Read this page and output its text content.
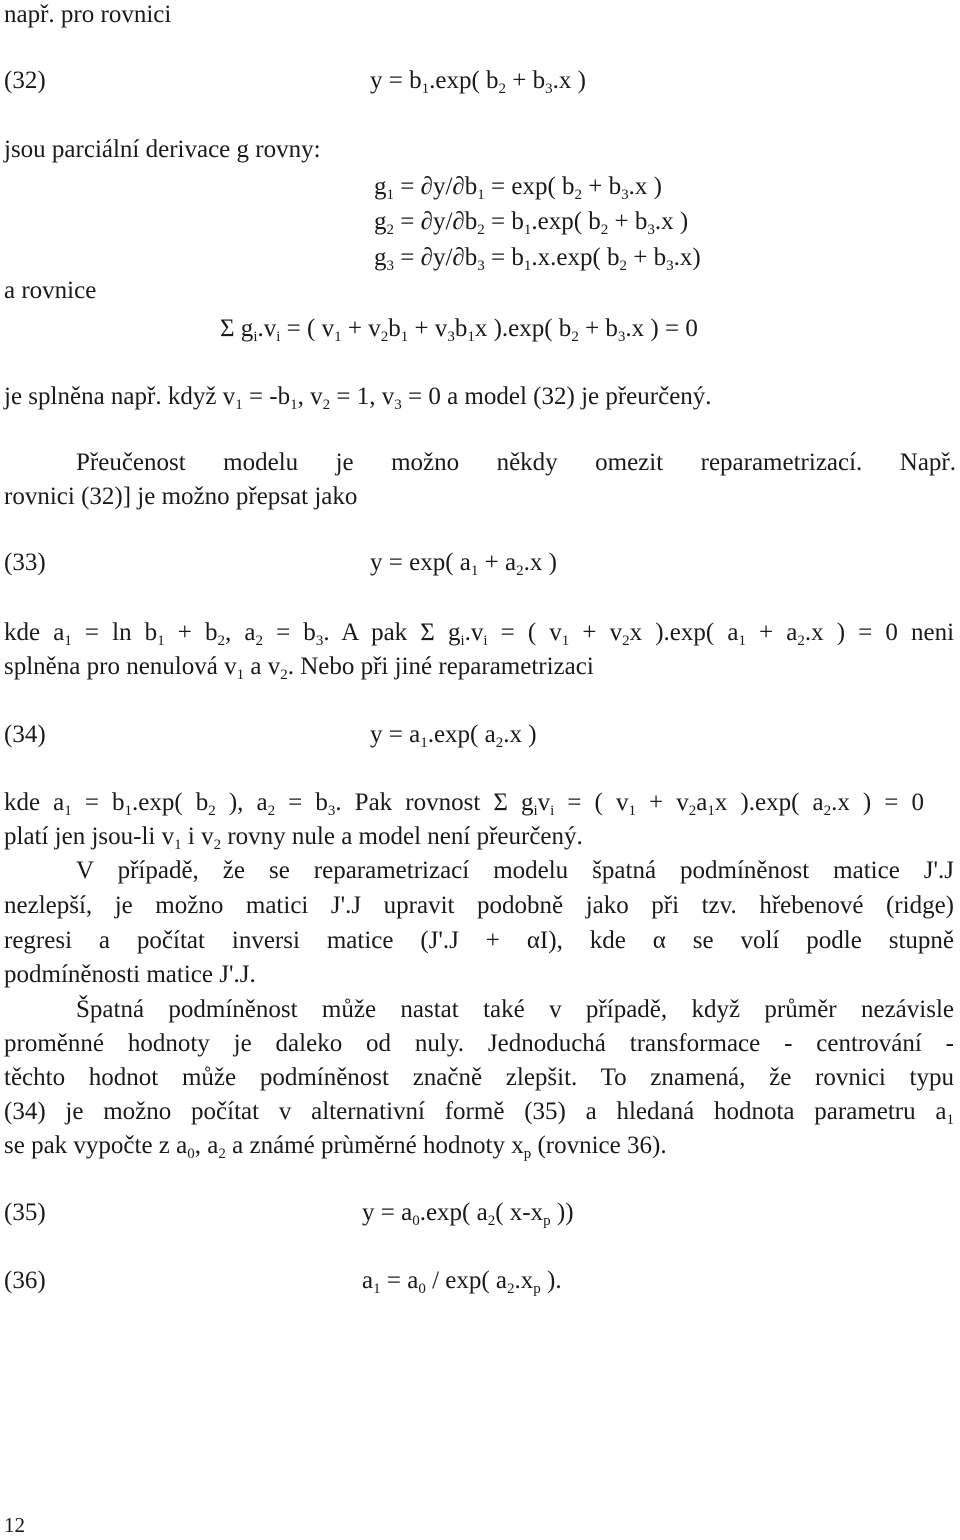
např. pro rovnici
(32)	$y = b_1.\exp$( $b_2 + b_3.x$ )
jsou parciální derivace g rovny:
$g_1 = \partial y/\partial b_1 = \exp$( $b_2 + b_3.x$ )
$g_2 = \partial y/\partial b_2 = b_1.\exp$( $b_2 + b_3.x$ )
$g_3 = \partial y/\partial b_3 = b_1.x.\exp$( $b_2 + b_3.x$)
a rovnice
Σ $g_i.v_i$ = ( $v_1 + v_2b_1 + v_3b_1x$ ).exp( $b_2 + b_3.x$ ) = 0
je splněna např. když $v_1 = -b_1$, $v_2 = 1$, $v_3 = 0$ a model (32) je přeurčený.
Přeučenost modelu je možno někdy omezit reparametrizací. Např.
rovnici (32)] je možno přepsat jako
(33)	y = exp( $a_1 + a_2.x$ )
kde $a_1 = \ln b_1 + b_2$, $a_2 = b_3$. A pak Σ $g_i.v_i$ = ( $v_1 + v_2x$ ).exp( $a_1 + a_2.x$ ) = 0 neni
splněna pro nenulová $v_1$ a $v_2$. Nebo při jiné reparametrizaci
(34)	$y = a_1.\exp$( $a_2.x$ )
kde $a_1 = b_1.\exp$( $b_2$ ), $a_2 = b_3$. Pak rovnost Σ $g_iv_i$ = ( $v_1 + v_2a_1x$ ).exp( $a_2.x$ ) = 0
platí jen jsou-li $v_1$ i $v_2$ rovny nule a model není přeurčený.
V případě, že se reparametrizací modelu špatná podmíněnost matice J'.J
nezlepší, je možno matici J'.J upravit podobně jako při tzv. hřebenové (ridge)
regresi a počítat inversi matice (J'.J + αI), kde α se volí podle stupně
podmíněnosti matice J'.J.
Špatná podmíněnost může nastat také v případě, když průměr nezávisle
proměnné hodnoty je daleko od nuly. Jednoduchá transformace - centrování -
těchto hodnot může podmíněnost značně zlepšit. To znamená, že rovnici typu
(34) je možno počítat v alternativní formě (35) a hledaná hodnota parametru $a_1$
se pak vypočte z $a_0$, $a_2$ a známé prùměrné hodnoty $x_p$ (rovnice 36).
(35)	$y = a_0.\exp$( $a_2$( $x-x_p$ ))
(36)	$a_1 = a_0 / \exp$( $a_2.x_p$ ).
12
